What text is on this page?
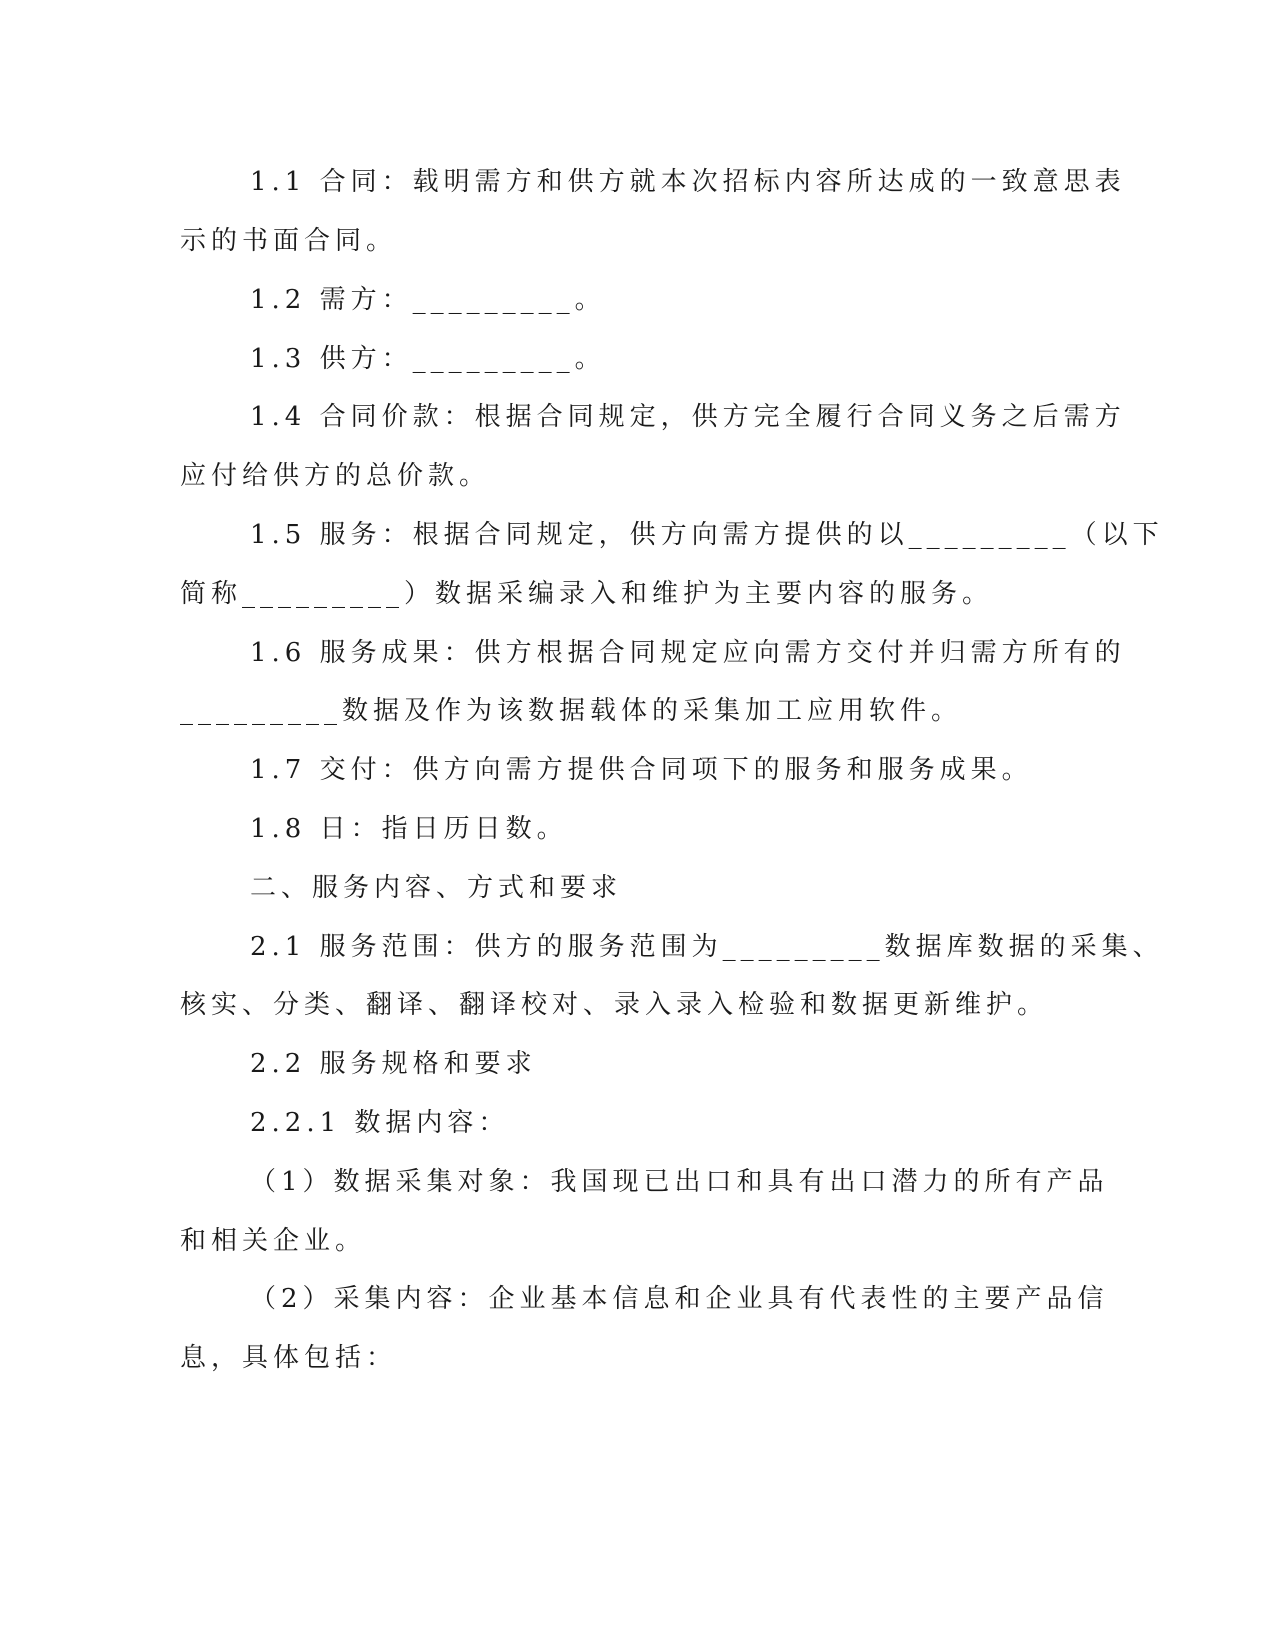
1.1 合同：载明需方和供方就本次招标内容所达成的一致意思表
示的书面合同。
1.2 需方：_________。
1.3 供方：_________。
1.4 合同价款：根据合同规定，供方完全履行合同义务之后需方
应付给供方的总价款。
1.5 服务：根据合同规定，供方向需方提供的以_________（以下
简称_________）数据采编录入和维护为主要内容的服务。
1.6 服务成果：供方根据合同规定应向需方交付并归需方所有的
_________数据及作为该数据载体的采集加工应用软件。
1.7 交付：供方向需方提供合同项下的服务和服务成果。
1.8 日：指日历日数。
二、服务内容、方式和要求
2.1 服务范围：供方的服务范围为_________数据库数据的采集、
核实、分类、翻译、翻译校对、录入录入检验和数据更新维护。
2.2 服务规格和要求
2.2.1 数据内容：
（1）数据采集对象：我国现已出口和具有出口潜力的所有产品
和相关企业。
（2）采集内容：企业基本信息和企业具有代表性的主要产品信
息，具体包括：
